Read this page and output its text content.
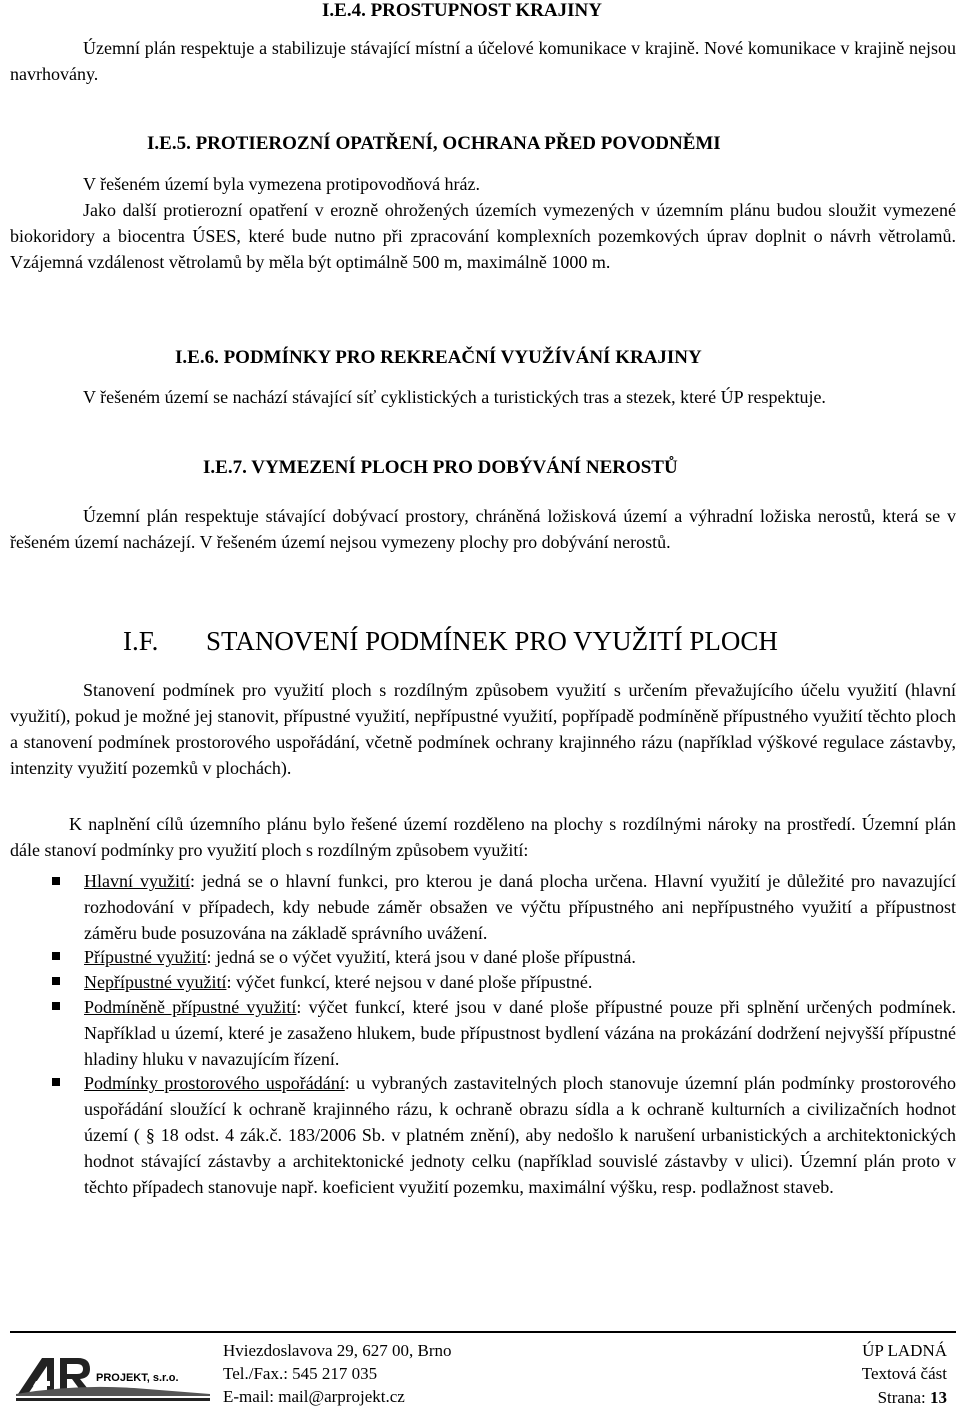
I.E.4. PROSTUPNOST KRAJINY

Územní plán respektuje a stabilizuje stávající místní a účelové komunikace v krajině. Nové komunikace v krajině nejsou navrhovány.

I.E.5. PROTIEROZNÍ OPATŘENÍ, OCHRANA PŘED POVODNĚMI

V řešeném území byla vymezena protipovodňová hráz.

Jako další protierozní opatření v erozně ohrožených územích vymezených v územním plánu budou sloužit vymezené biokoridory a biocentra ÚSES, které bude nutno při zpracování komplexních pozemkových úprav doplnit o návrh větrolamů. Vzájemná vzdálenost větrolamů by měla být optimálně 500 m, maximálně 1000 m.

I.E.6. PODMÍNKY PRO REKREAČNÍ VYUŽÍVÁNÍ KRAJINY

V řešeném území se nachází stávající síť cyklistických a turistických tras a stezek, které ÚP respektuje.

I.E.7. VYMEZENÍ PLOCH PRO DOBÝVÁNÍ NEROSTŮ

Územní plán respektuje stávající dobývací prostory, chráněná ložisková území a výhradní ložiska nerostů, která se v řešeném území nacházejí. V řešeném území nejsou vymezeny plochy pro dobývání nerostů.

I.F. STANOVENÍ PODMÍNEK PRO VYUŽITÍ PLOCH

Stanovení podmínek pro využití ploch s rozdílným způsobem využití s určením převažujícího účelu využití (hlavní využití), pokud je možné jej stanovit, přípustné využití, nepřípustné využití, popřípadě podmíněně přípustného využití těchto ploch a stanovení podmínek prostorového uspořádání, včetně podmínek ochrany krajinného rázu (například výškové regulace zástavby, intenzity využití pozemků v plochách).

K naplnění cílů územního plánu bylo řešené území rozděleno na plochy s rozdílnými nároky na prostředí. Územní plán dále stanoví podmínky pro využití ploch s rozdílným způsobem využití:

Hlavní využití: jedná se o hlavní funkci, pro kterou je daná plocha určena. Hlavní využití je důležité pro navazující rozhodování v případech, kdy nebude záměr obsažen ve výčtu přípustného ani nepřípustného využití a přípustnost záměru bude posuzována na základě správního uvážení.

Přípustné využití: jedná se o výčet využití, která jsou v dané ploše přípustná.

Nepřípustné využití: výčet funkcí, které nejsou v dané ploše přípustné.

Podmíněně přípustné využití: výčet funkcí, které jsou v dané ploše přípustné pouze při splnění určených podmínek. Například u území, které je zasaženo hlukem, bude přípustnost bydlení vázána na prokázání dodržení nejvyšší přípustné hladiny hluku v navazujícím řízení.

Podmínky prostorového uspořádání: u vybraných zastavitelných ploch stanovuje územní plán podmínky prostorového uspořádání sloužící k ochraně krajinného rázu, k ochraně obrazu sídla a k ochraně kulturních a civilizačních hodnot území ( § 18 odst. 4 zák.č. 183/2006 Sb. v platném znění), aby nedošlo k narušení urbanistických a architektonických hodnot stávající zástavby a architektonické jednoty celku (například souvislé zástavby v ulici). Územní plán proto v těchto případech stanovuje např. koeficient využití pozemku, maximální výšku, resp. podlažnost staveb.

PROJEKT, s.r.o.
Hviezdoslavova 29, 627 00, Brno
Tel./Fax.: 545 217 035
E-mail: mail@arprojekt.cz
ÚP LADNÁ
Textová část
Strana: 13
